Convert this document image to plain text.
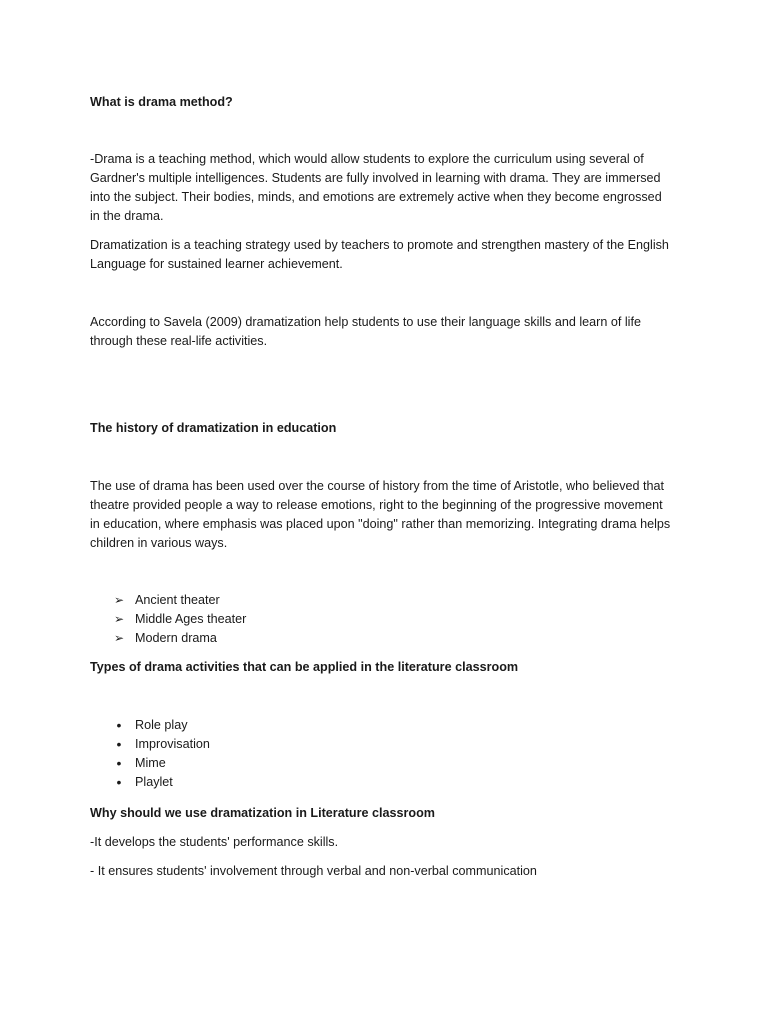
What is drama method?
-Drama is a teaching method, which would allow students to explore the curriculum using several of
Gardner's multiple intelligences. Students are fully involved in learning with drama. They are immersed
into the subject. Their bodies, minds, and emotions are extremely active when they become engrossed
in the drama.
Dramatization is a teaching strategy used by teachers to promote and strengthen mastery of the English
Language for sustained learner achievement.
According to Savela (2009) dramatization help students to use their language skills and learn of life
through these real-life activities.
The history of dramatization in education
The use of drama has been used over the course of history from the time of Aristotle, who believed that
theatre provided people a way to release emotions, right to the beginning of the progressive movement
in education, where emphasis was placed upon "doing" rather than memorizing. Integrating drama helps
children in various ways.
➢ Ancient theater
➢ Middle Ages theater
➢ Modern drama
Types of drama activities that can be applied in the literature classroom
•	Role play
•	Improvisation
•	Mime
•	Playlet
Why should we use dramatization in Literature classroom
-It develops the students' performance skills.
- It ensures students' involvement through verbal and non-verbal communication
